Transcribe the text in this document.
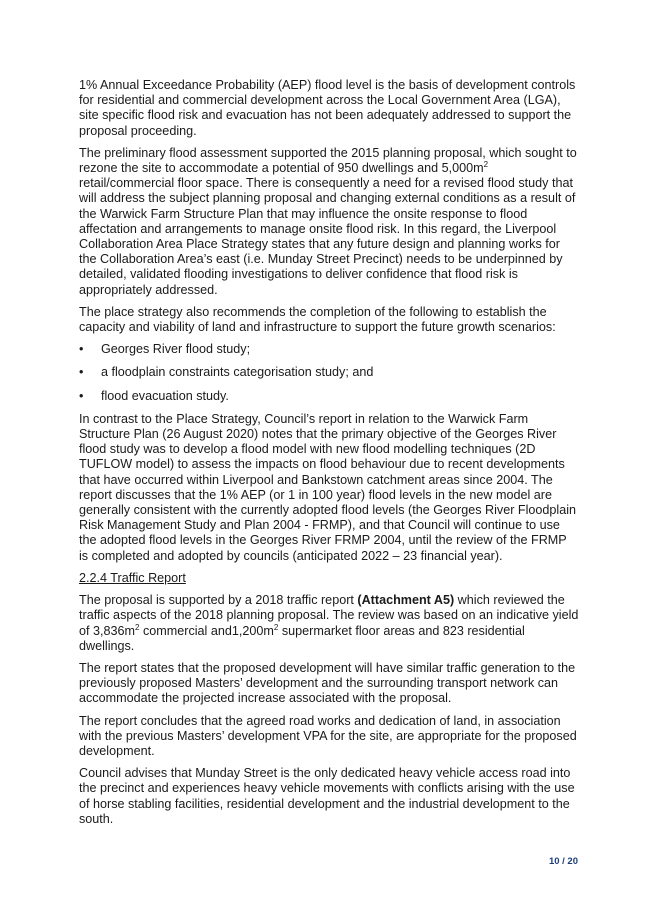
1% Annual Exceedance Probability (AEP) flood level is the basis of development controls for residential and commercial development across the Local Government Area (LGA), site specific flood risk and evacuation has not been adequately addressed to support the proposal proceeding.

The preliminary flood assessment supported the 2015 planning proposal, which sought to rezone the site to accommodate a potential of 950 dwellings and $5,000m^2$ retail/commercial floor space. There is consequently a need for a revised flood study that will address the subject planning proposal and changing external conditions as a result of the Warwick Farm Structure Plan that may influence the onsite response to flood affectation and arrangements to manage onsite flood risk. In this regard, the Liverpool Collaboration Area Place Strategy states that any future design and planning works for the Collaboration Area’s east (i.e. Munday Street Precinct) needs to be underpinned by detailed, validated flooding investigations to deliver confidence that flood risk is appropriately addressed.

The place strategy also recommends the completion of the following to establish the capacity and viability of land and infrastructure to support the future growth scenarios:

• Georges River flood study;
• a floodplain constraints categorisation study; and
• flood evacuation study.

In contrast to the Place Strategy, Council’s report in relation to the Warwick Farm Structure Plan (26 August 2020) notes that the primary objective of the Georges River flood study was to develop a flood model with new flood modelling techniques (2D TUFLOW model) to assess the impacts on flood behaviour due to recent developments that have occurred within Liverpool and Bankstown catchment areas since 2004. The report discusses that the 1% AEP (or 1 in 100 year) flood levels in the new model are generally consistent with the currently adopted flood levels (the Georges River Floodplain Risk Management Study and Plan 2004 - FRMP), and that Council will continue to use the adopted flood levels in the Georges River FRMP 2004, until the review of the FRMP is completed and adopted by councils (anticipated 2022 – 23 financial year).

2.2.4 Traffic Report

The proposal is supported by a 2018 traffic report (Attachment A5) which reviewed the traffic aspects of the 2018 planning proposal. The review was based on an indicative yield of $3,836m^2$ commercial $and1,200m^2$ supermarket floor areas and 823 residential dwellings.

The report states that the proposed development will have similar traffic generation to the previously proposed Masters’ development and the surrounding transport network can accommodate the projected increase associated with the proposal.

The report concludes that the agreed road works and dedication of land, in association with the previous Masters’ development VPA for the site, are appropriate for the proposed development.

Council advises that Munday Street is the only dedicated heavy vehicle access road into the precinct and experiences heavy vehicle movements with conflicts arising with the use of horse stabling facilities, residential development and the industrial development to the south.

10 / 20
